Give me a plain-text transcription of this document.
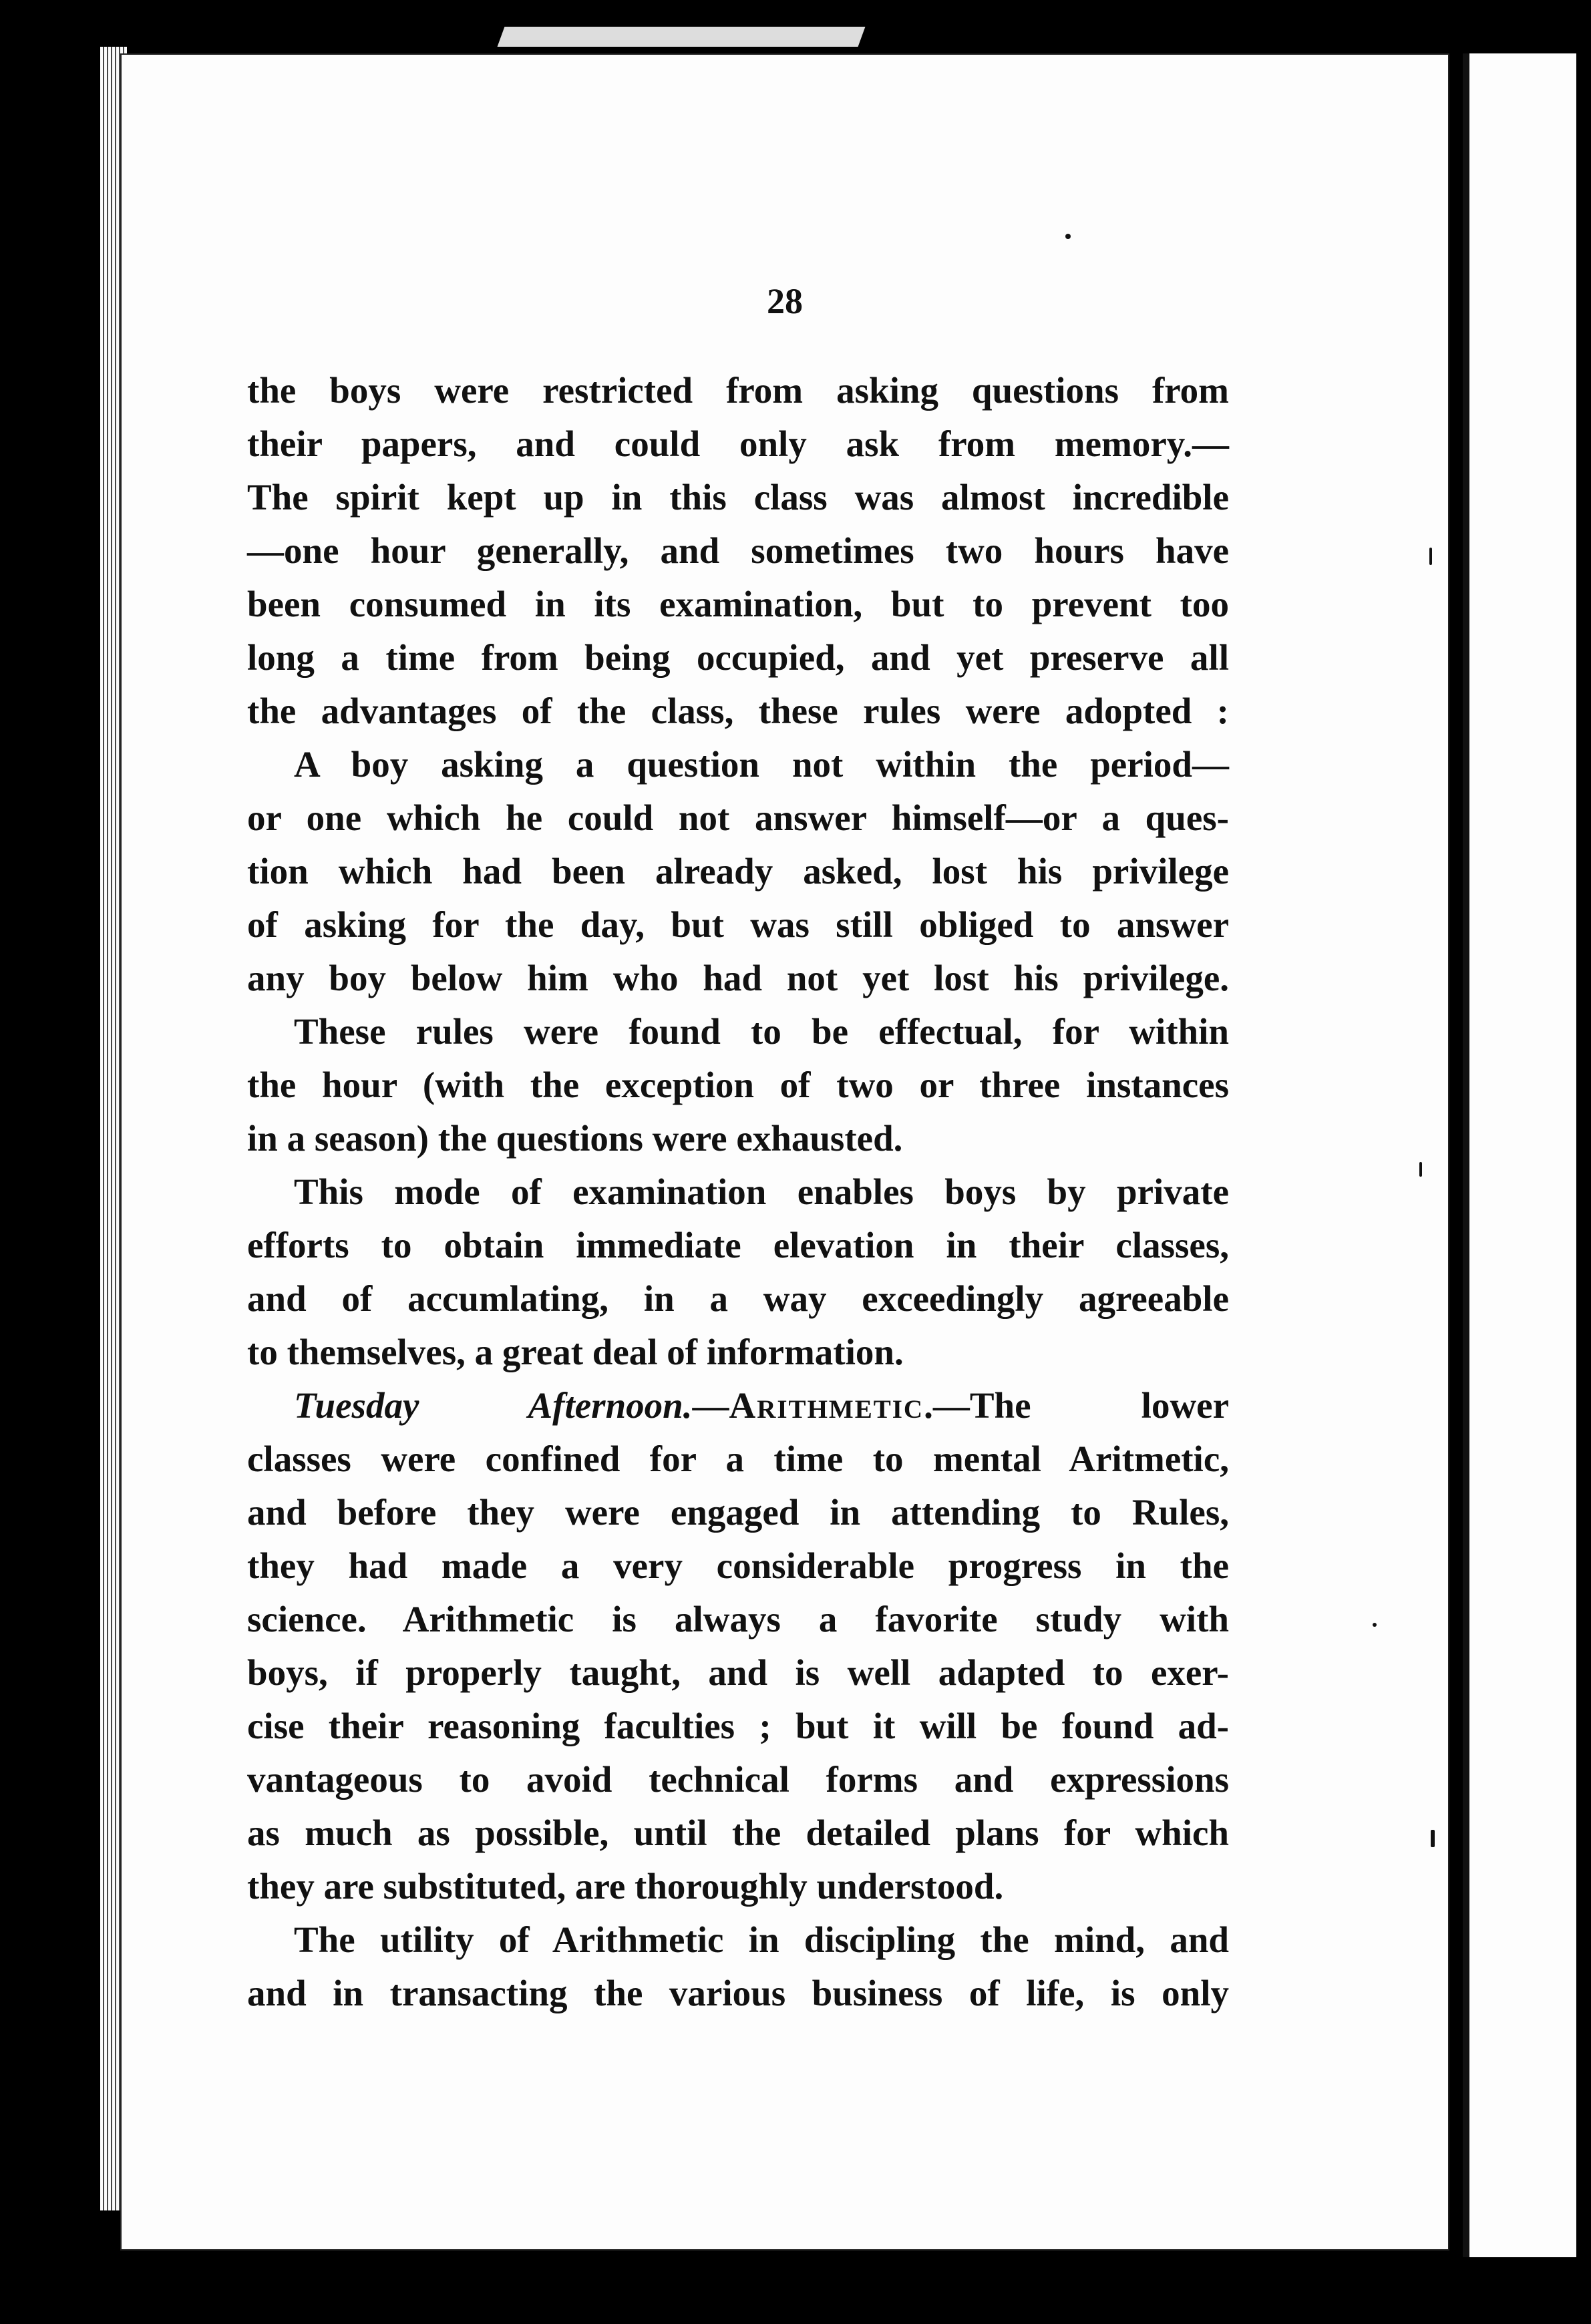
28

the boys were restricted from asking questions from
their papers, and could only ask from memory.—
The spirit kept up in this class was almost incredible
—one hour generally, and sometimes two hours have
been consumed in its examination, but to prevent too
long a time from being occupied, and yet preserve all
the advantages of the class, these rules were adopted :
A boy asking a question not within the period—
or one which he could not answer himself—or a ques-
tion which had been already asked, lost his privilege
of asking for the day, but was still obliged to answer
any boy below him who had not yet lost his privilege.
These rules were found to be effectual, for within
the hour (with the exception of two or three instances
in a season) the questions were exhausted.
This mode of examination enables boys by private
efforts to obtain immediate elevation in their classes,
and of accumlating, in a way exceedingly agreeable
to themselves, a great deal of information.
Tuesday Afternoon.—Arithmetic.—The lower
classes were confined for a time to mental Aritmetic,
and before they were engaged in attending to Rules,
they had made a very considerable progress in the
science. Arithmetic is always a favorite study with
boys, if properly taught, and is well adapted to exer-
cise their reasoning faculties ; but it will be found ad-
vantageous to avoid technical forms and expressions
as much as possible, until the detailed plans for which
they are substituted, are thoroughly understood.
The utility of Arithmetic in discipling the mind, and
and in transacting the various business of life, is only
